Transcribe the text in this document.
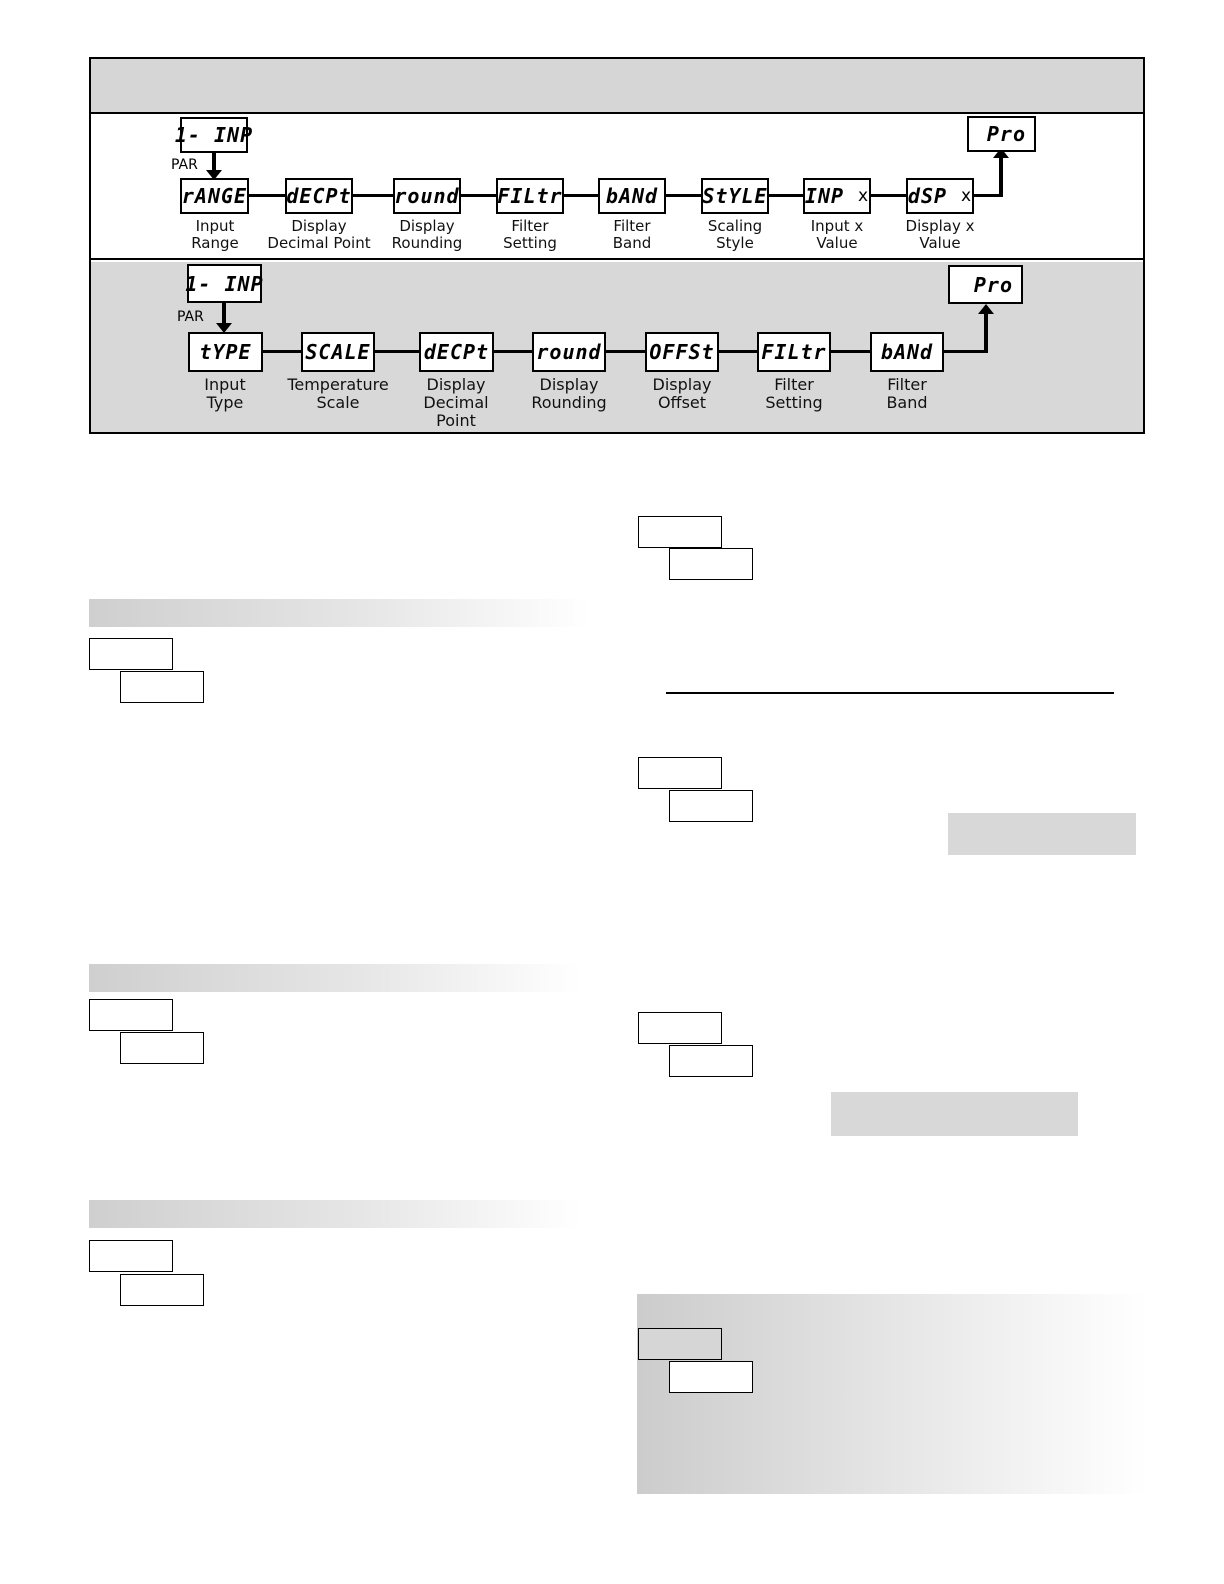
1- INP
PAR
Pro
rANGE dECPt round FILtr	bANd	StYLE INP x dSP x
Input
Range
Display
Decimal Point
Display
Rounding
Filter
Setting
Filter
Band
Scaling
Style
Input x
Value
Display x
Value
1- INP
PAR
Pro
tYPE	SCALE	dECPt round OFFSt FILtr	bANd
Input
Type
Temperature
Scale
Display
Decimal
Point
Display
Rounding
Display
Offset
Filter
Setting
Filter
Band
